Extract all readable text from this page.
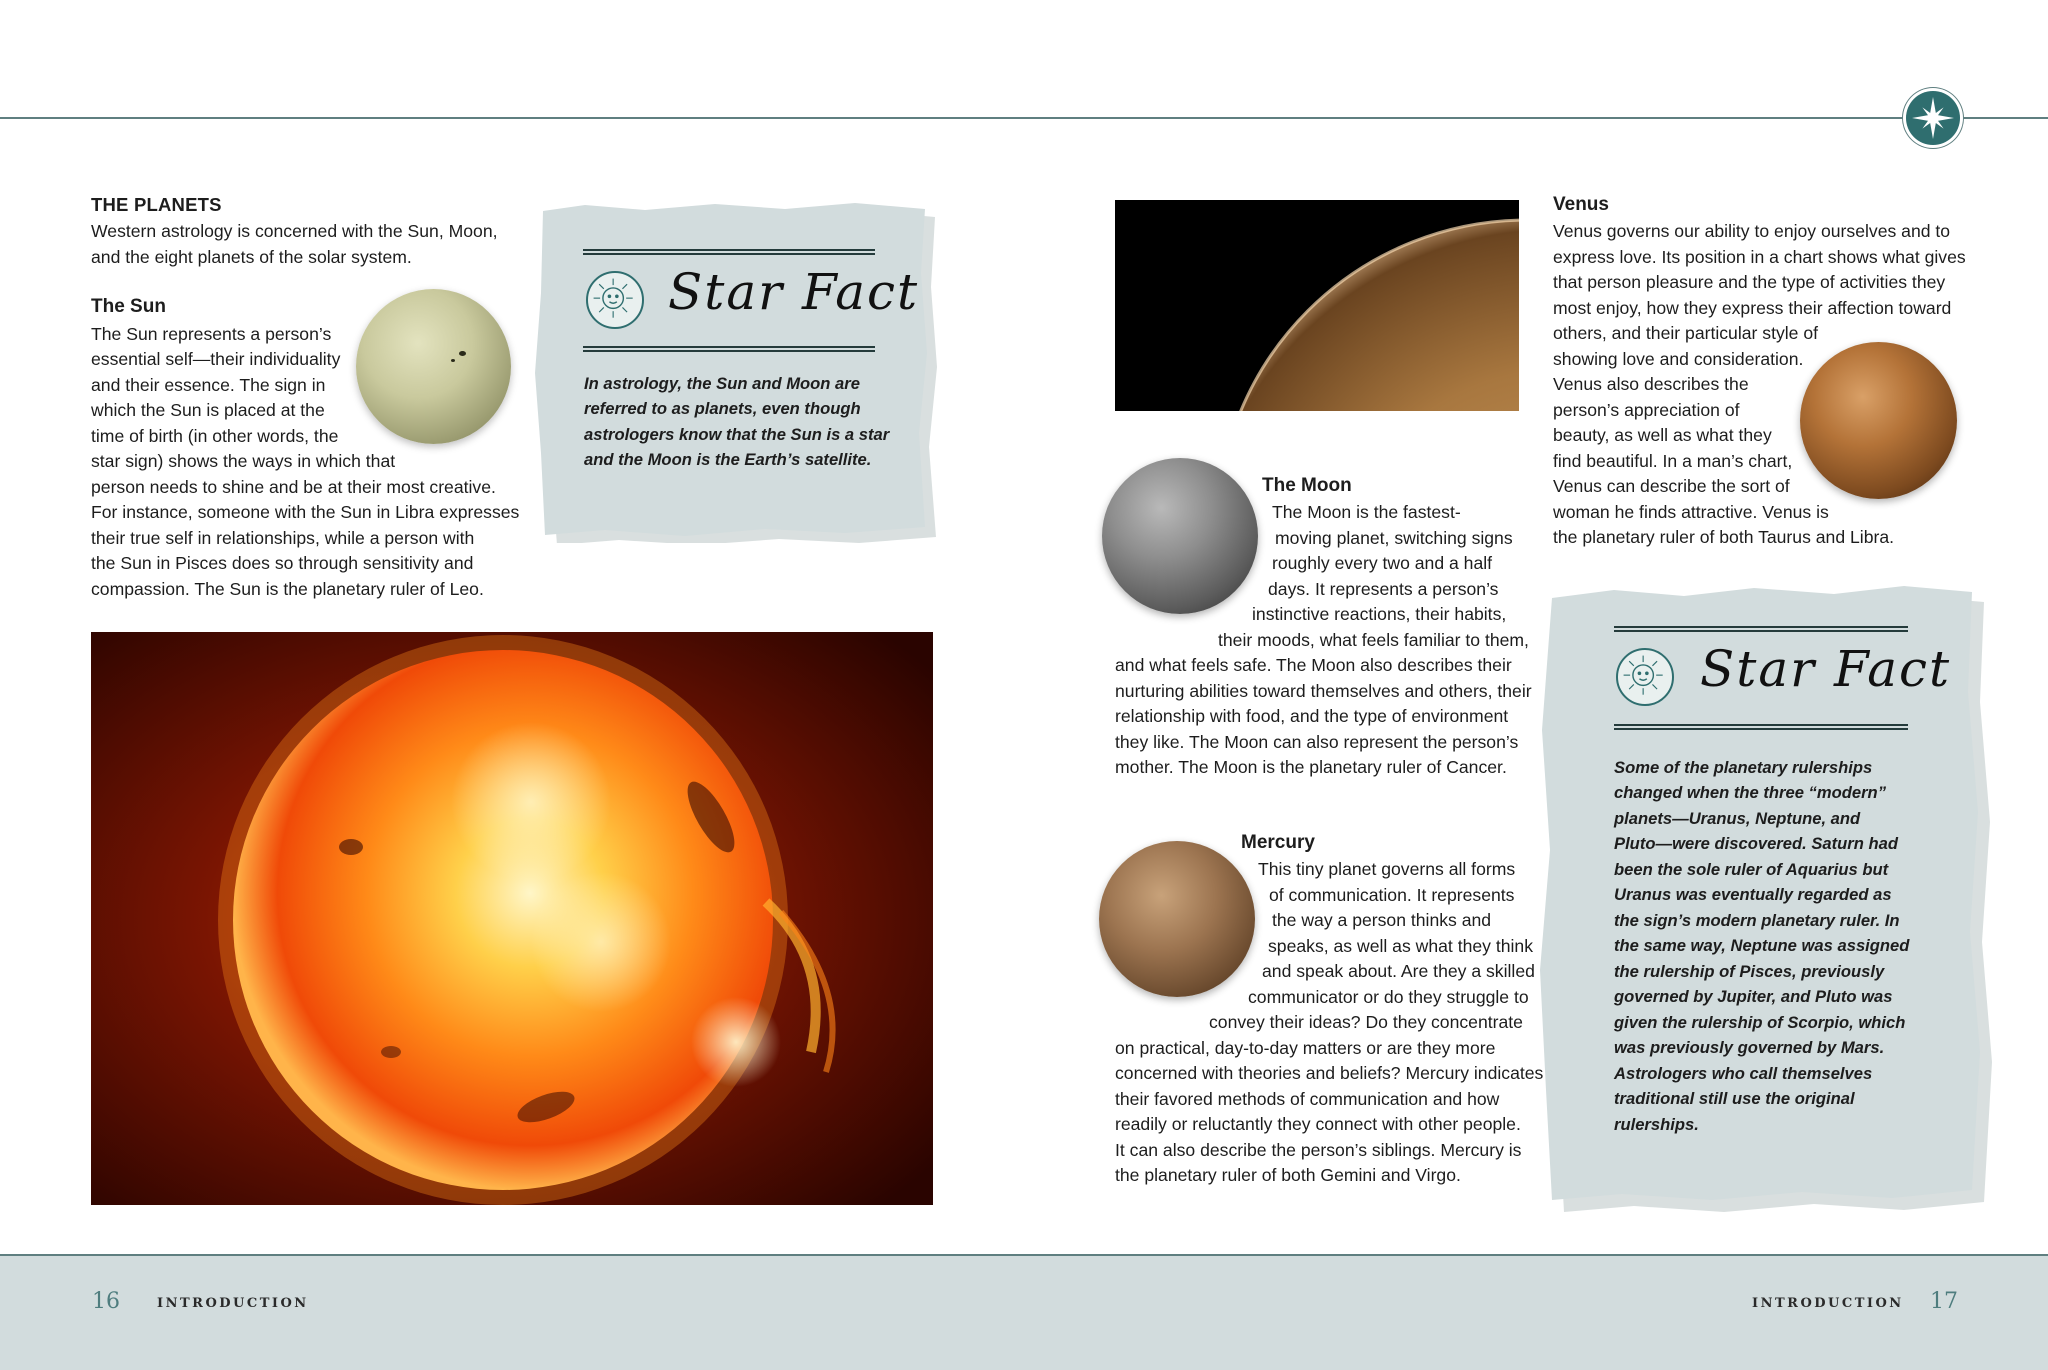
THE PLANETS
Western astrology is concerned with the Sun, Moon,
and the eight planets of the solar system.
The Sun
The Sun represents a person’s
essential self—their individuality
and their essence. The sign in
which the Sun is placed at the
time of birth (in other words, the
star sign) shows the ways in which that
person needs to shine and be at their most creative.
For instance, someone with the Sun in Libra expresses
their true self in relationships, while a person with
the Sun in Pisces does so through sensitivity and
compassion. The Sun is the planetary ruler of Leo.
Star Fact
In astrology, the Sun and Moon are
referred to as planets, even though
astrologers know that the Sun is a star
and the Moon is the Earth’s satellite.
16	INTRODUCTION
The Moon
The Moon is the fastest-
moving planet, switching signs
roughly every two and a half
days. It represents a person’s
instinctive reactions, their habits,
their moods, what feels familiar to them,
and what feels safe. The Moon also describes their
nurturing abilities toward themselves and others, their
relationship with food, and the type of environment
they like. The Moon can also represent the person’s
mother. The Moon is the planetary ruler of Cancer.
Mercury
This tiny planet governs all forms
of communication. It represents
the way a person thinks and
speaks, as well as what they think
and speak about. Are they a skilled
communicator or do they struggle to
convey their ideas? Do they concentrate
on practical, day-to-day matters or are they more
concerned with theories and beliefs? Mercury indicates
their favored methods of communication and how
readily or reluctantly they connect with other people.
It can also describe the person’s siblings. Mercury is
the planetary ruler of both Gemini and Virgo.
Venus
Venus governs our ability to enjoy ourselves and to
express love. Its position in a chart shows what gives
that person pleasure and the type of activities they
most enjoy, how they express their affection toward
others, and their particular style of
showing love and consideration.
Venus also describes the
person’s appreciation of
beauty, as well as what they
find beautiful. In a man’s chart,
Venus can describe the sort of
woman he finds attractive. Venus is
the planetary ruler of both Taurus and Libra.
Star Fact
Some of the planetary rulerships
changed when the three “modern”
planets—Uranus, Neptune, and
Pluto—were discovered. Saturn had
been the sole ruler of Aquarius but
Uranus was eventually regarded as
the sign’s modern planetary ruler. In
the same way, Neptune was assigned
the rulership of Pisces, previously
governed by Jupiter, and Pluto was
given the rulership of Scorpio, which
was previously governed by Mars.
Astrologers who call themselves
traditional still use the original
rulerships.
INTRODUCTION 17
